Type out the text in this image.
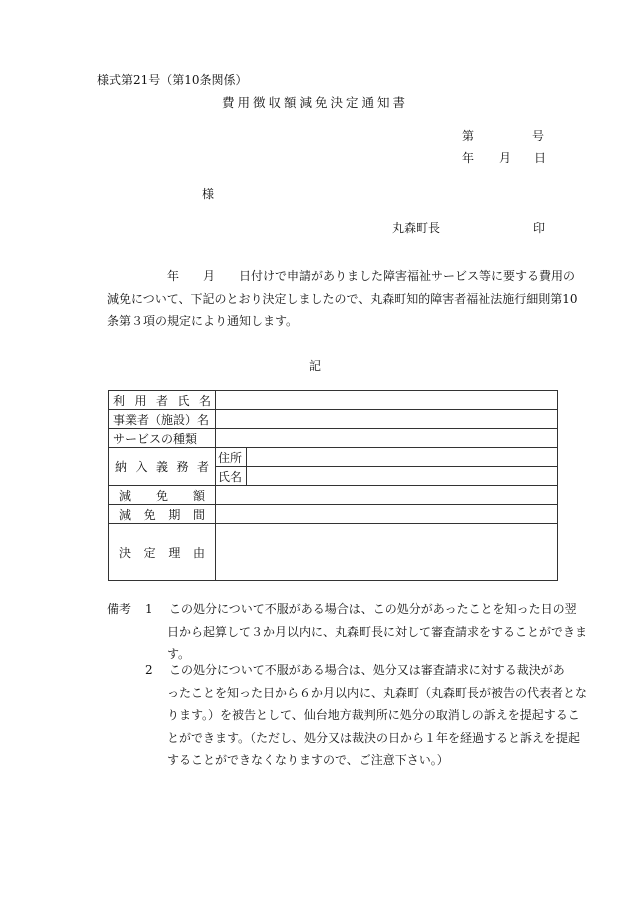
様式第21号（第10条関係）
費用徴収額減免決定通知書
第	号
年 月 日
様
丸森町長	印
年　　月　　日付けで申請がありました障害福祉サービス等に要する費用の
減免について、下記のとおり決定しましたので、丸森町知的障害者福祉法施行細則第10
条第３項の規定により通知します。
記
利 用 者 氏 名		

事業者（施設）名		
サービスの種類		

納 入 義 務 者	住所	
	氏名	

減 免 額		

減 免 期 間		

決 定 理 由		

備考 1 この処分について不服がある場合は、この処分があったことを知った日の翌
日から起算して３か月以内に、丸森町長に対して審査請求をすることができま
す。
2 この処分について不服がある場合は、処分又は審査請求に対する裁決があ
ったことを知った日から６か月以内に、丸森町（丸森町長が被告の代表者とな
ります。）を被告として、仙台地方裁判所に処分の取消しの訴えを提起するこ
とができます。（ただし、処分又は裁決の日から１年を経過すると訴えを提起
することができなくなりますので、ご注意下さい。）
